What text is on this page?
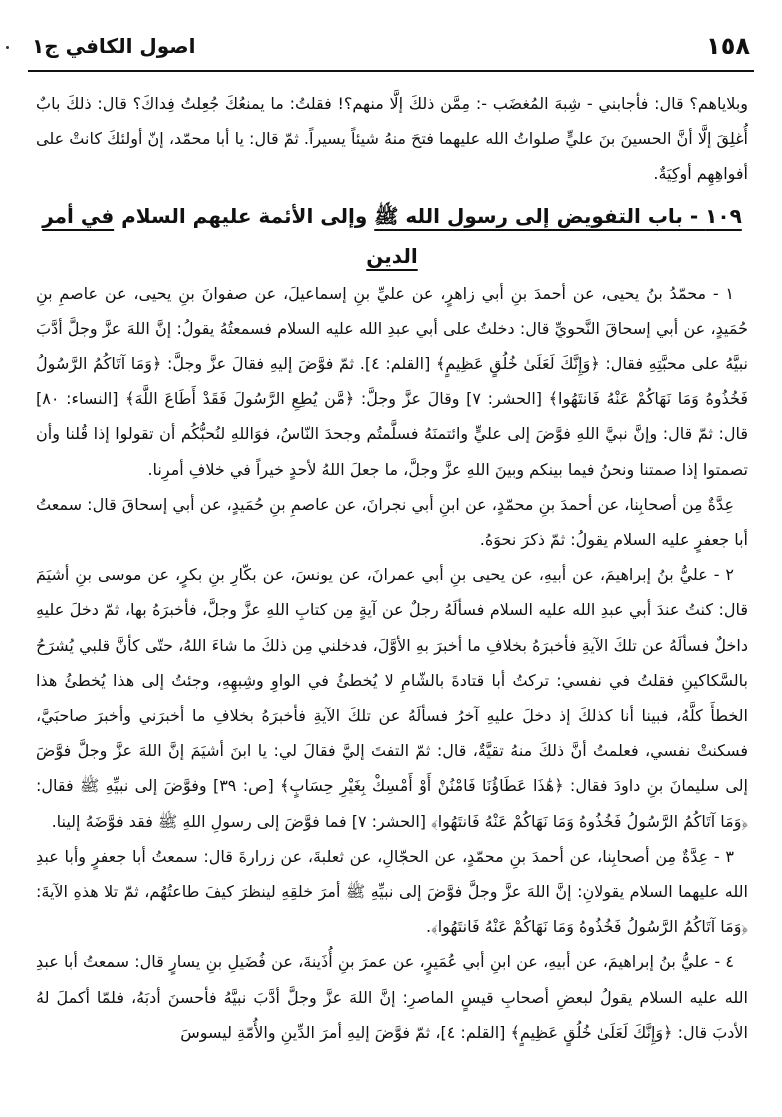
١٥٨
اصول الكافي ج١

وبلاياهم؟ قال: فأجابني - شِبهَ المُغضَب -: مِمَّن ذلكَ إلَّا منهم؟! فقلتُ: ما يمنعُكَ جُعِلتُ فِداكَ؟ قال: ذلكَ بابٌ أُغلِقَ إلَّا أنَّ الحسينَ بنَ عليٍّ صلواتُ الله عليهما فتحَ منهُ شيئاً يسيراً. ثمّ قال: يا أبا محمّد، إنّ أولئكَ كانتْ على أفواهِهِم أوكِيَةٌ.

١٠٩ - باب التفويض إلى رسول الله ﷺ وإلى الأئمة عليهم السلام في أمر الدين

١ - محمّدُ بنُ يحيى، عن أحمدَ بنِ أبي زاهرٍ، عن عليِّ بنِ إسماعيلَ، عن صفوانَ بنِ يحيى، عن عاصمِ بنِ حُمَيدٍ، عن أبي إسحاقَ النَّحويِّ قال: دخلتُ على أبي عبدِ الله عليه السلام فسمعتُهُ يقولُ: إنَّ اللهَ عزَّ وجلَّ أدَّبَ نبيَّهُ على محبَّتِهِ فقال: ﴿وَإِنَّكَ لَعَلَىٰ خُلُقٍ عَظِيمٍ﴾ [القلم: ٤]. ثمّ فوَّضَ إليهِ فقالَ عزَّ وجلَّ: ﴿وَمَا آتَاكُمُ الرَّسُولُ فَخُذُوهُ وَمَا نَهَاكُمْ عَنْهُ فَانتَهُوا﴾ [الحشر: ٧] وقالَ عزَّ وجلَّ: ﴿مَّن يُطِعِ الرَّسُولَ فَقَدْ أَطَاعَ اللَّهَ﴾ [النساء: ٨٠] قال: ثمّ قال: وإنَّ نبيَّ اللهِ فوَّضَ إلى عليٍّ وائتمنَهُ فسلَّمتُم وجحدَ النّاسُ، فوَاللهِ لنُحبُّكُم أن تقولوا إذا قُلنا وأن تصمتوا إذا صمتنا ونحنُ فيما بينكم وبينَ اللهِ عزَّ وجلَّ، ما جعلَ اللهُ لأحدٍ خيراً في خلافِ أمرِنا.

عِدَّةٌ مِن أصحابِنا، عن أحمدَ بنِ محمّدٍ، عن ابنِ أبي نجرانَ، عن عاصمِ بنِ حُمَيدٍ، عن أبي إسحاقَ قال: سمعتُ أبا جعفرٍ عليه السلام يقولُ: ثمّ ذكرَ نحوَهُ.

٢ - عليُّ بنُ إبراهيمَ، عن أبيهِ، عن يحيى بنِ أبي عمرانَ، عن يونسَ، عن بكّارِ بنِ بكرٍ، عن موسى بنِ أشيَمَ قال: كنتُ عندَ أبي عبدِ الله عليه السلام فسألَهُ رجلٌ عن آيةٍ مِن كتابِ اللهِ عزَّ وجلَّ، فأخبرَهُ بها، ثمّ دخلَ عليهِ داخلٌ فسألَهُ عن تلكَ الآيةِ فأخبرَهُ بخلافِ ما أخبرَ بهِ الأوَّلَ، فدخلني مِن ذلكَ ما شاءَ اللهُ، حتّى كأنَّ قلبي يُشرَحُ بالسَّكاكينِ فقلتُ في نفسي: تركتُ أبا قتادةَ بالشّامِ لا يُخطئُ في الواوِ وشِبهِهِ، وجئتُ إلى هذا يُخطئُ هذا الخطأَ كلَّهُ، فبينا أنا كذلكَ إذ دخلَ عليهِ آخرُ فسألَهُ عن تلكَ الآيةِ فأخبرَهُ بخلافِ ما أخبرَني وأخبرَ صاحبَيَّ، فسكنتْ نفسي، فعلمتُ أنَّ ذلكَ منهُ تقيَّةٌ، قال: ثمّ التفتَ إليَّ فقالَ لي: يا ابنَ أشيَمَ إنَّ اللهَ عزَّ وجلَّ فوَّضَ إلى سليمانَ بنِ داودَ فقال: ﴿هَٰذَا عَطَاؤُنَا فَامْنُنْ أَوْ أَمْسِكْ بِغَيْرِ حِسَابٍ﴾ [ص: ٣٩] وفوَّضَ إلى نبيِّهِ ﷺ فقال: ﴿وَمَا آتَاكُمُ الرَّسُولُ فَخُذُوهُ وَمَا نَهَاكُمْ عَنْهُ فَانتَهُوا﴾ [الحشر: ٧] فما فوَّضَ إلى رسولِ اللهِ ﷺ فقد فوَّضَهُ إلينا.

٣ - عِدَّةٌ مِن أصحابِنا، عن أحمدَ بنِ محمّدٍ، عن الحجّالِ، عن ثعلبةَ، عن زرارةَ قال: سمعتُ أبا جعفرٍ وأبا عبدِ الله عليهما السلام يقولانِ: إنَّ اللهَ عزَّ وجلَّ فوَّضَ إلى نبيِّهِ ﷺ أمرَ خلقِهِ لينظرَ كيفَ طاعتُهُم، ثمّ تلا هذهِ الآيةَ: ﴿وَمَا آتَاكُمُ الرَّسُولُ فَخُذُوهُ وَمَا نَهَاكُمْ عَنْهُ فَانتَهُوا﴾.

٤ - عليُّ بنُ إبراهيمَ، عن أبيهِ، عن ابنِ أبي عُمَيرٍ، عن عمرَ بنِ أُذَينةَ، عن فُضَيلِ بنِ يسارٍ قال: سمعتُ أبا عبدِ الله عليه السلام يقولُ لبعضِ أصحابِ قيسٍ الماصرِ: إنَّ اللهَ عزَّ وجلَّ أدَّبَ نبيَّهُ فأحسنَ أدبَهُ، فلمّا أكملَ لهُ الأدبَ قال: ﴿وَإِنَّكَ لَعَلَىٰ خُلُقٍ عَظِيمٍ﴾ [القلم: ٤]، ثمّ فوَّضَ إليهِ أمرَ الدِّينِ والأُمّةِ ليسوسَ
